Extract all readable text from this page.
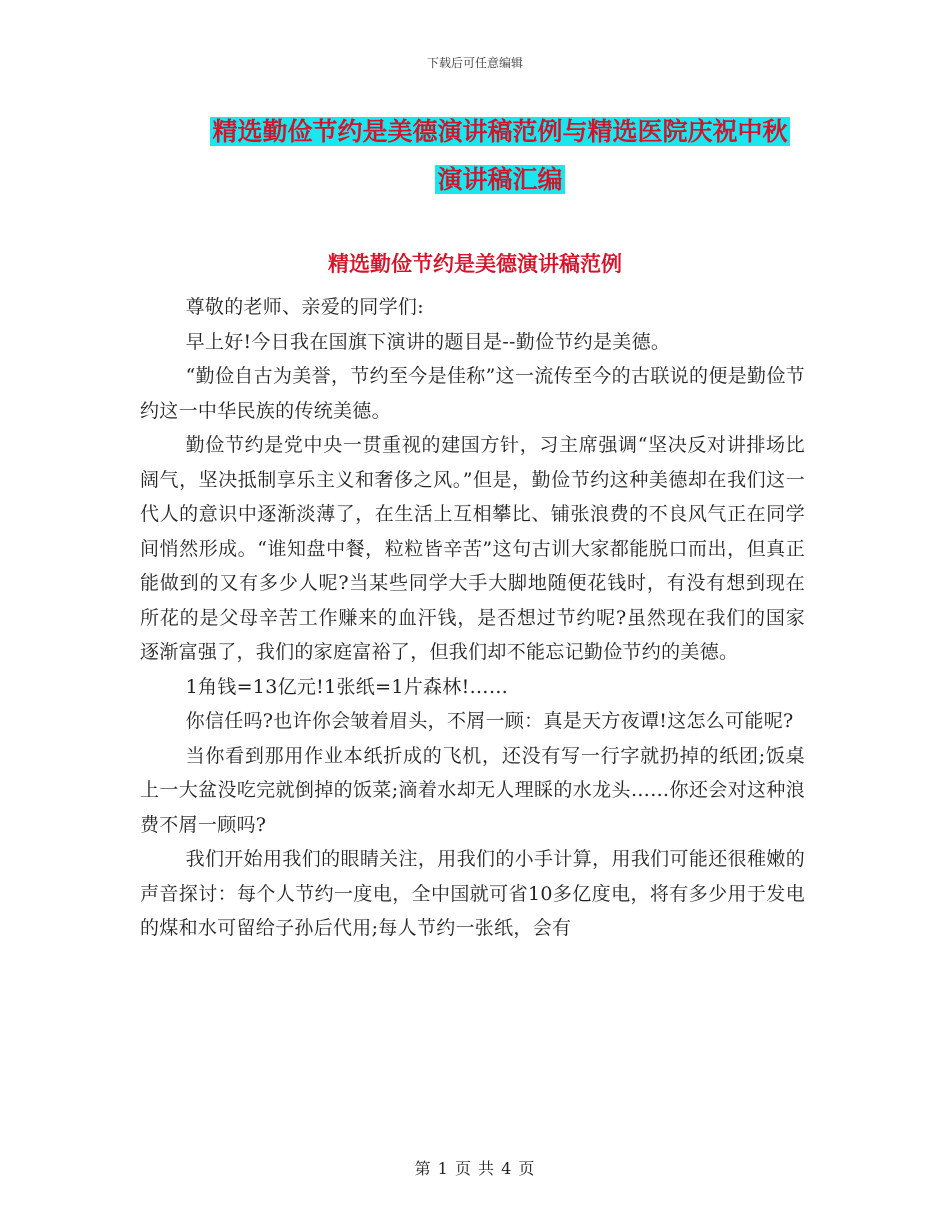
下载后可任意编辑
精选勤俭节约是美德演讲稿范例与精选医院庆祝中秋
演讲稿汇编
精选勤俭节约是美德演讲稿范例

尊敬的老师、亲爱的同学们:

早上好!今日我在国旗下演讲的题目是--勤俭节约是美德。

“勤俭自古为美誉，节约至今是佳称”这一流传至今的古联说的便是勤俭节约这一中华民族的传统美德。

勤俭节约是党中央一贯重视的建国方针，习主席强调“坚决反对讲排场比阔气，坚决抵制享乐主义和奢侈之风。”但是，勤俭节约这种美德却在我们这一代人的意识中逐渐淡薄了，在生活上互相攀比、铺张浪费的不良风气正在同学间悄然形成。“谁知盘中餐，粒粒皆辛苦”这句古训大家都能脱口而出，但真正能做到的又有多少人呢?当某些同学大手大脚地随便花钱时，有没有想到现在所花的是父母辛苦工作赚来的血汗钱，是否想过节约呢?虽然现在我们的国家逐渐富强了，我们的家庭富裕了，但我们却不能忘记勤俭节约的美德。

1角钱=13亿元!1张纸=1片森林!……

你信任吗?也许你会皱着眉头，不屑一顾：真是天方夜谭!这怎么可能呢?

当你看到那用作业本纸折成的飞机，还没有写一行字就扔掉的纸团;饭桌上一大盆没吃完就倒掉的饭菜;滴着水却无人理睬的水龙头……你还会对这种浪费不屑一顾吗?

我们开始用我们的眼睛关注，用我们的小手计算，用我们可能还很稚嫩的声音探讨：每个人节约一度电，全中国就可省10多亿度电，将有多少用于发电的煤和水可留给子孙后代用;每人节约一张纸，会有

第 1 页 共 4 页
